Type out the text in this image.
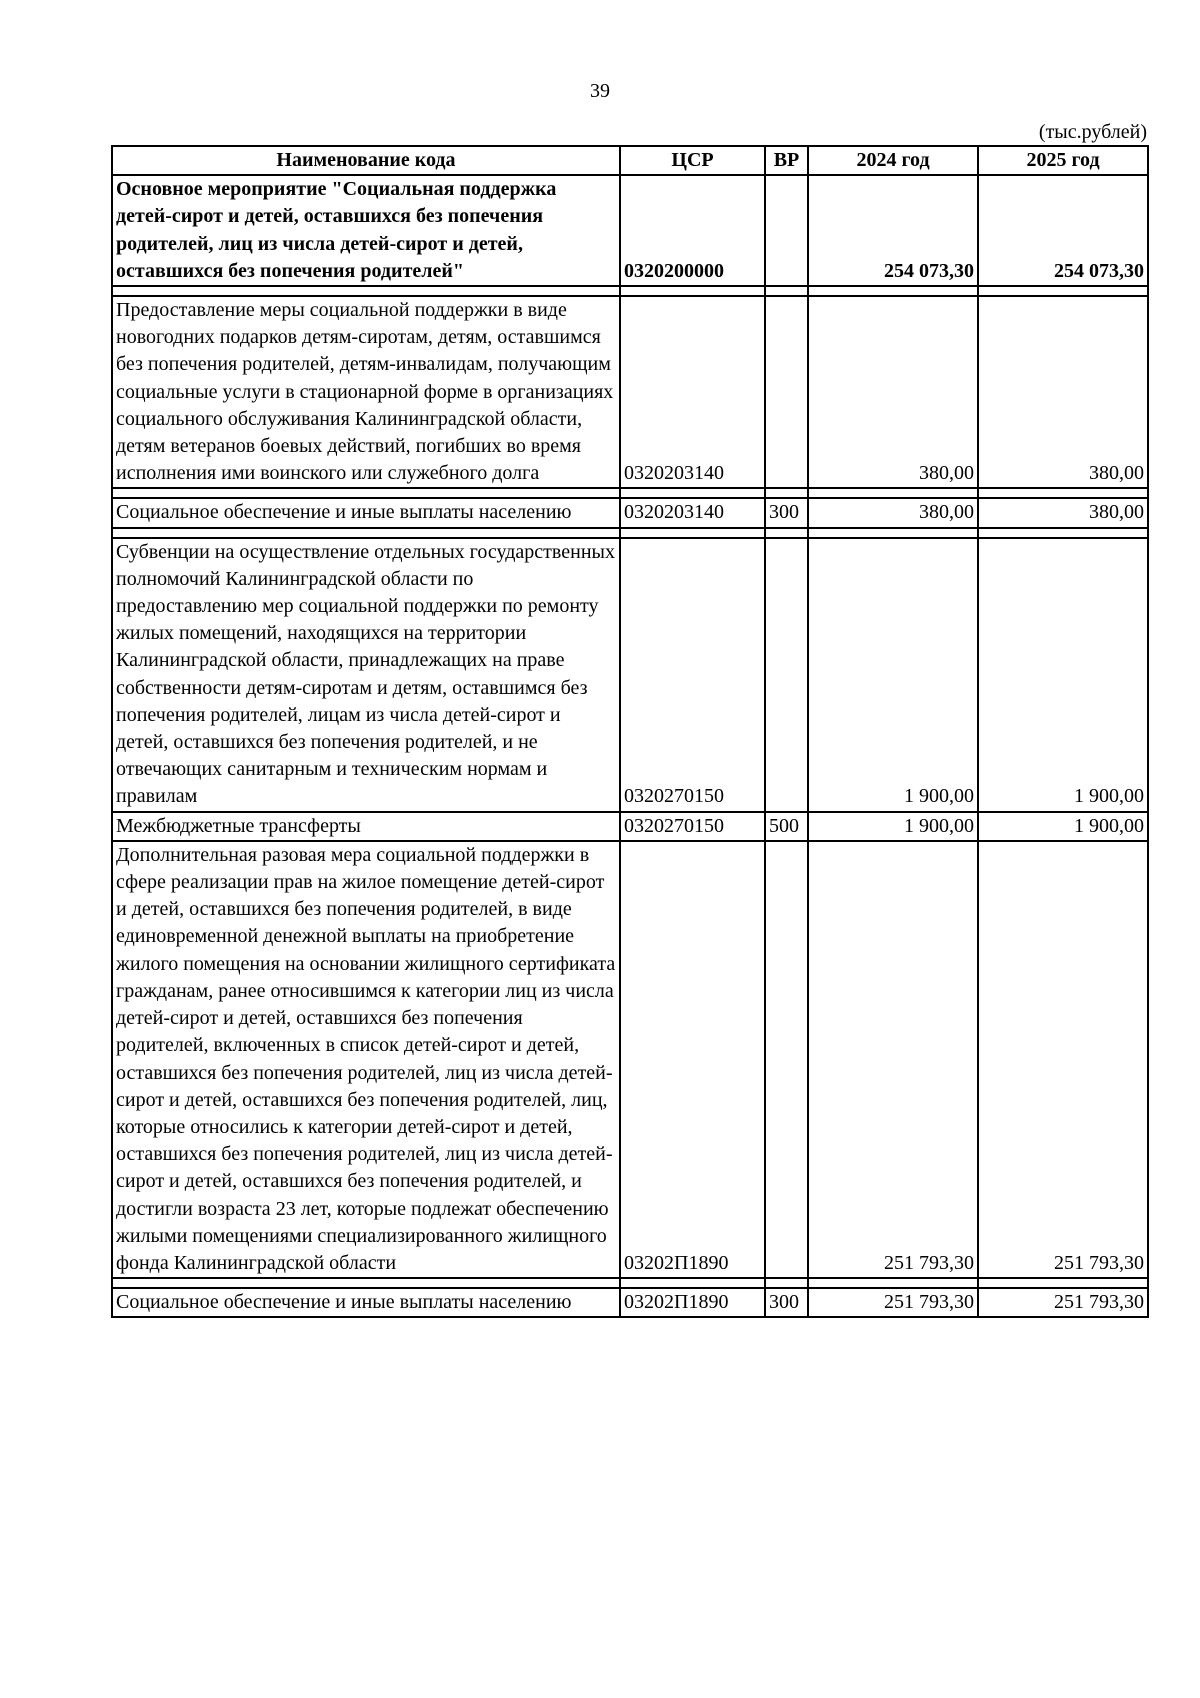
39
(тыс.рублей)
Наименование кода	ЦСР	ВР	2024 год	2025 год
Основное мероприятие "Социальная поддержка детей-сирот и детей, оставшихся без попечения родителей, лиц из числа детей-сирот и детей, оставшихся без попечения родителей"	0320200000		254 073,30	254 073,30

Предоставление меры социальной поддержки в виде новогодних подарков детям-сиротам, детям, оставшимся без попечения родителей, детям-инвалидам, получающим социальные услуги в стационарной форме в организациях социального обслуживания Калининградской области, детям ветеранов боевых действий, погибших во время исполнения ими воинского или служебного долга	0320203140		380,00	380,00

Социальное обеспечение и иные выплаты населению	0320203140	300	380,00	380,00

Субвенции на осуществление отдельных государственных полномочий Калининградской области по предоставлению мер социальной поддержки по ремонту жилых помещений, находящихся на территории Калининградской области, принадлежащих на праве собственности детям-сиротам и детям, оставшимся без попечения родителей, лицам из числа детей-сирот и детей, оставшихся без попечения родителей, и не отвечающих санитарным и техническим нормам и правилам	0320270150		1 900,00	1 900,00
Межбюджетные трансферты	0320270150	500	1 900,00	1 900,00
Дополнительная разовая мера социальной поддержки в сфере реализации прав на жилое помещение детей-сирот и детей, оставшихся без попечения родителей, в виде единовременной денежной выплаты на приобретение жилого помещения на основании жилищного сертификата гражданам, ранее относившимся к категории лиц из числа детей-сирот и детей, оставшихся без попечения родителей, включенных в список детей-сирот и детей, оставшихся без попечения родителей, лиц из числа детей-сирот и детей, оставшихся без попечения родителей, лиц, которые относились к категории детей-сирот и детей, оставшихся без попечения родителей, лиц из числа детей-сирот и детей, оставшихся без попечения родителей, и достигли возраста 23 лет, которые подлежат обеспечению жилыми помещениями специализированного жилищного фонда Калининградской области	03202П1890		251 793,30	251 793,30

Социальное обеспечение и иные выплаты населению	03202П1890	300	251 793,30	251 793,30
